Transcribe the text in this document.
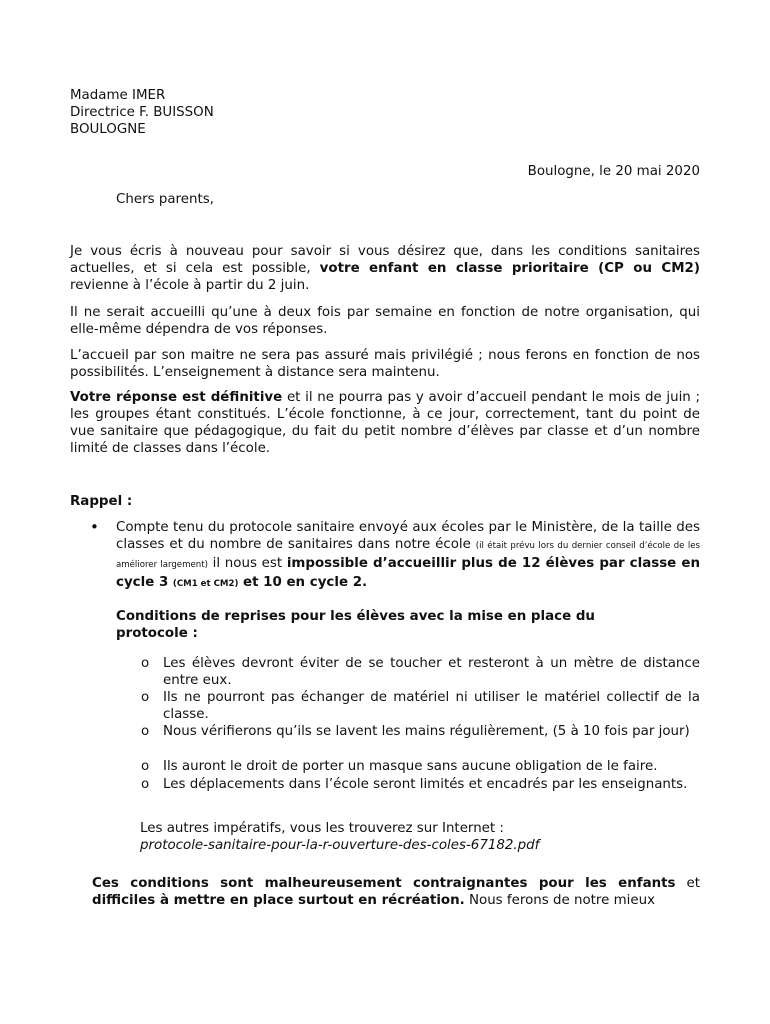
Madame IMER

Directrice F. BUISSON

BOULOGNE

Boulogne, le 20 mai 2020

Chers parents,

Je vous écris à nouveau pour savoir si vous désirez que, dans les conditions sanitaires actuelles, et si cela est possible, votre enfant en classe prioritaire (CP ou CM2) revienne à l’école à partir du 2 juin.

Il ne serait accueilli qu’une à deux fois par semaine en fonction de notre organisation, qui elle-même dépendra de vos réponses.

L’accueil par son maitre ne sera pas assuré mais privilégié ; nous ferons en fonction de nos possibilités. L’enseignement à distance sera maintenu.

Votre réponse est définitive et il ne pourra pas y avoir d’accueil pendant le mois de juin ; les groupes étant constitués. L’école fonctionne, à ce jour, correctement, tant du point de vue sanitaire que pédagogique, du fait du petit nombre d’élèves par classe et d’un nombre limité de classes dans l’école.

Rappel :

• Compte tenu du protocole sanitaire envoyé aux écoles par le Ministère, de la taille des classes et du nombre de sanitaires dans notre école (il était prévu lors du dernier conseil d’école de les améliorer largement) il nous est impossible d’accueillir plus de 12 élèves par classe en cycle 3 (CM1 et CM2) et 10 en cycle 2.

Conditions de reprises pour les élèves avec la mise en place du protocole :

o Les élèves devront éviter de se toucher et resteront à un mètre de distance entre eux.

o Ils ne pourront pas échanger de matériel ni utiliser le matériel collectif de la classe.

o Nous vérifierons qu’ils se lavent les mains régulièrement, (5 à 10 fois par jour)

o Ils auront le droit de porter un masque sans aucune obligation de le faire.

o Les déplacements dans l’école seront limités et encadrés par les enseignants.

Les autres impératifs, vous les trouverez sur Internet :

protocole-sanitaire-pour-la-r-ouverture-des-coles-67182.pdf

Ces conditions sont malheureusement contraignantes pour les enfants et difficiles à mettre en place surtout en récréation. Nous ferons de notre mieux
